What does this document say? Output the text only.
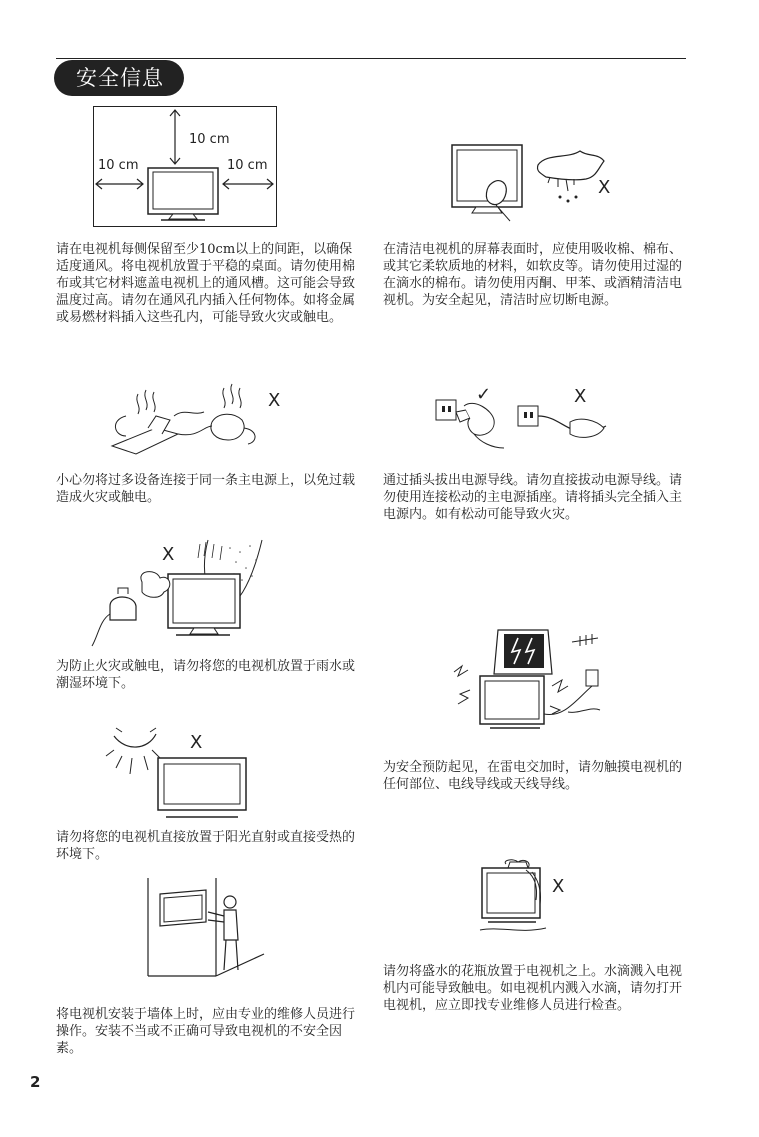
安全信息
10 cm
10 cm	10 cm
X

请在电视机每侧保留至少10cm以上的间距，以确保适度通风。将电视机放置于平稳的桌面。请勿使用棉布或其它材料遮盖电视机上的通风槽。这可能会导致温度过高。请勿在通风孔内插入任何物体。如将金属或易燃材料插入这些孔内，可能导致火灾或触电。

在清洁电视机的屏幕表面时，应使用吸收棉、棉布、或其它柔软质地的材料，如软皮等。请勿使用过湿的在滴水的棉布。请勿使用丙酮、甲苯、或酒精清洁电视机。为安全起见，清洁时应切断电源。

X	✓	X

小心勿将过多设备连接于同一条主电源上，以免过载造成火灾或触电。

通过插头拔出电源导线。请勿直接拔动电源导线。请勿使用连接松动的主电源插座。请将插头完全插入主电源内。如有松动可能导致火灾。

X

为防止火灾或触电，请勿将您的电视机放置于雨水或潮湿环境下。

X

为安全预防起见，在雷电交加时，请勿触摸电视机的任何部位、电线导线或天线导线。

请勿将您的电视机直接放置于阳光直射或直接受热的环境下。

X

请勿将盛水的花瓶放置于电视机之上。水滴溅入电视机内可能导致触电。如电视机内溅入水滴，请勿打开电视机，应立即找专业维修人员进行检查。

将电视机安装于墙体上时，应由专业的维修人员进行操作。安装不当或不正确可导致电视机的不安全因素。

2
